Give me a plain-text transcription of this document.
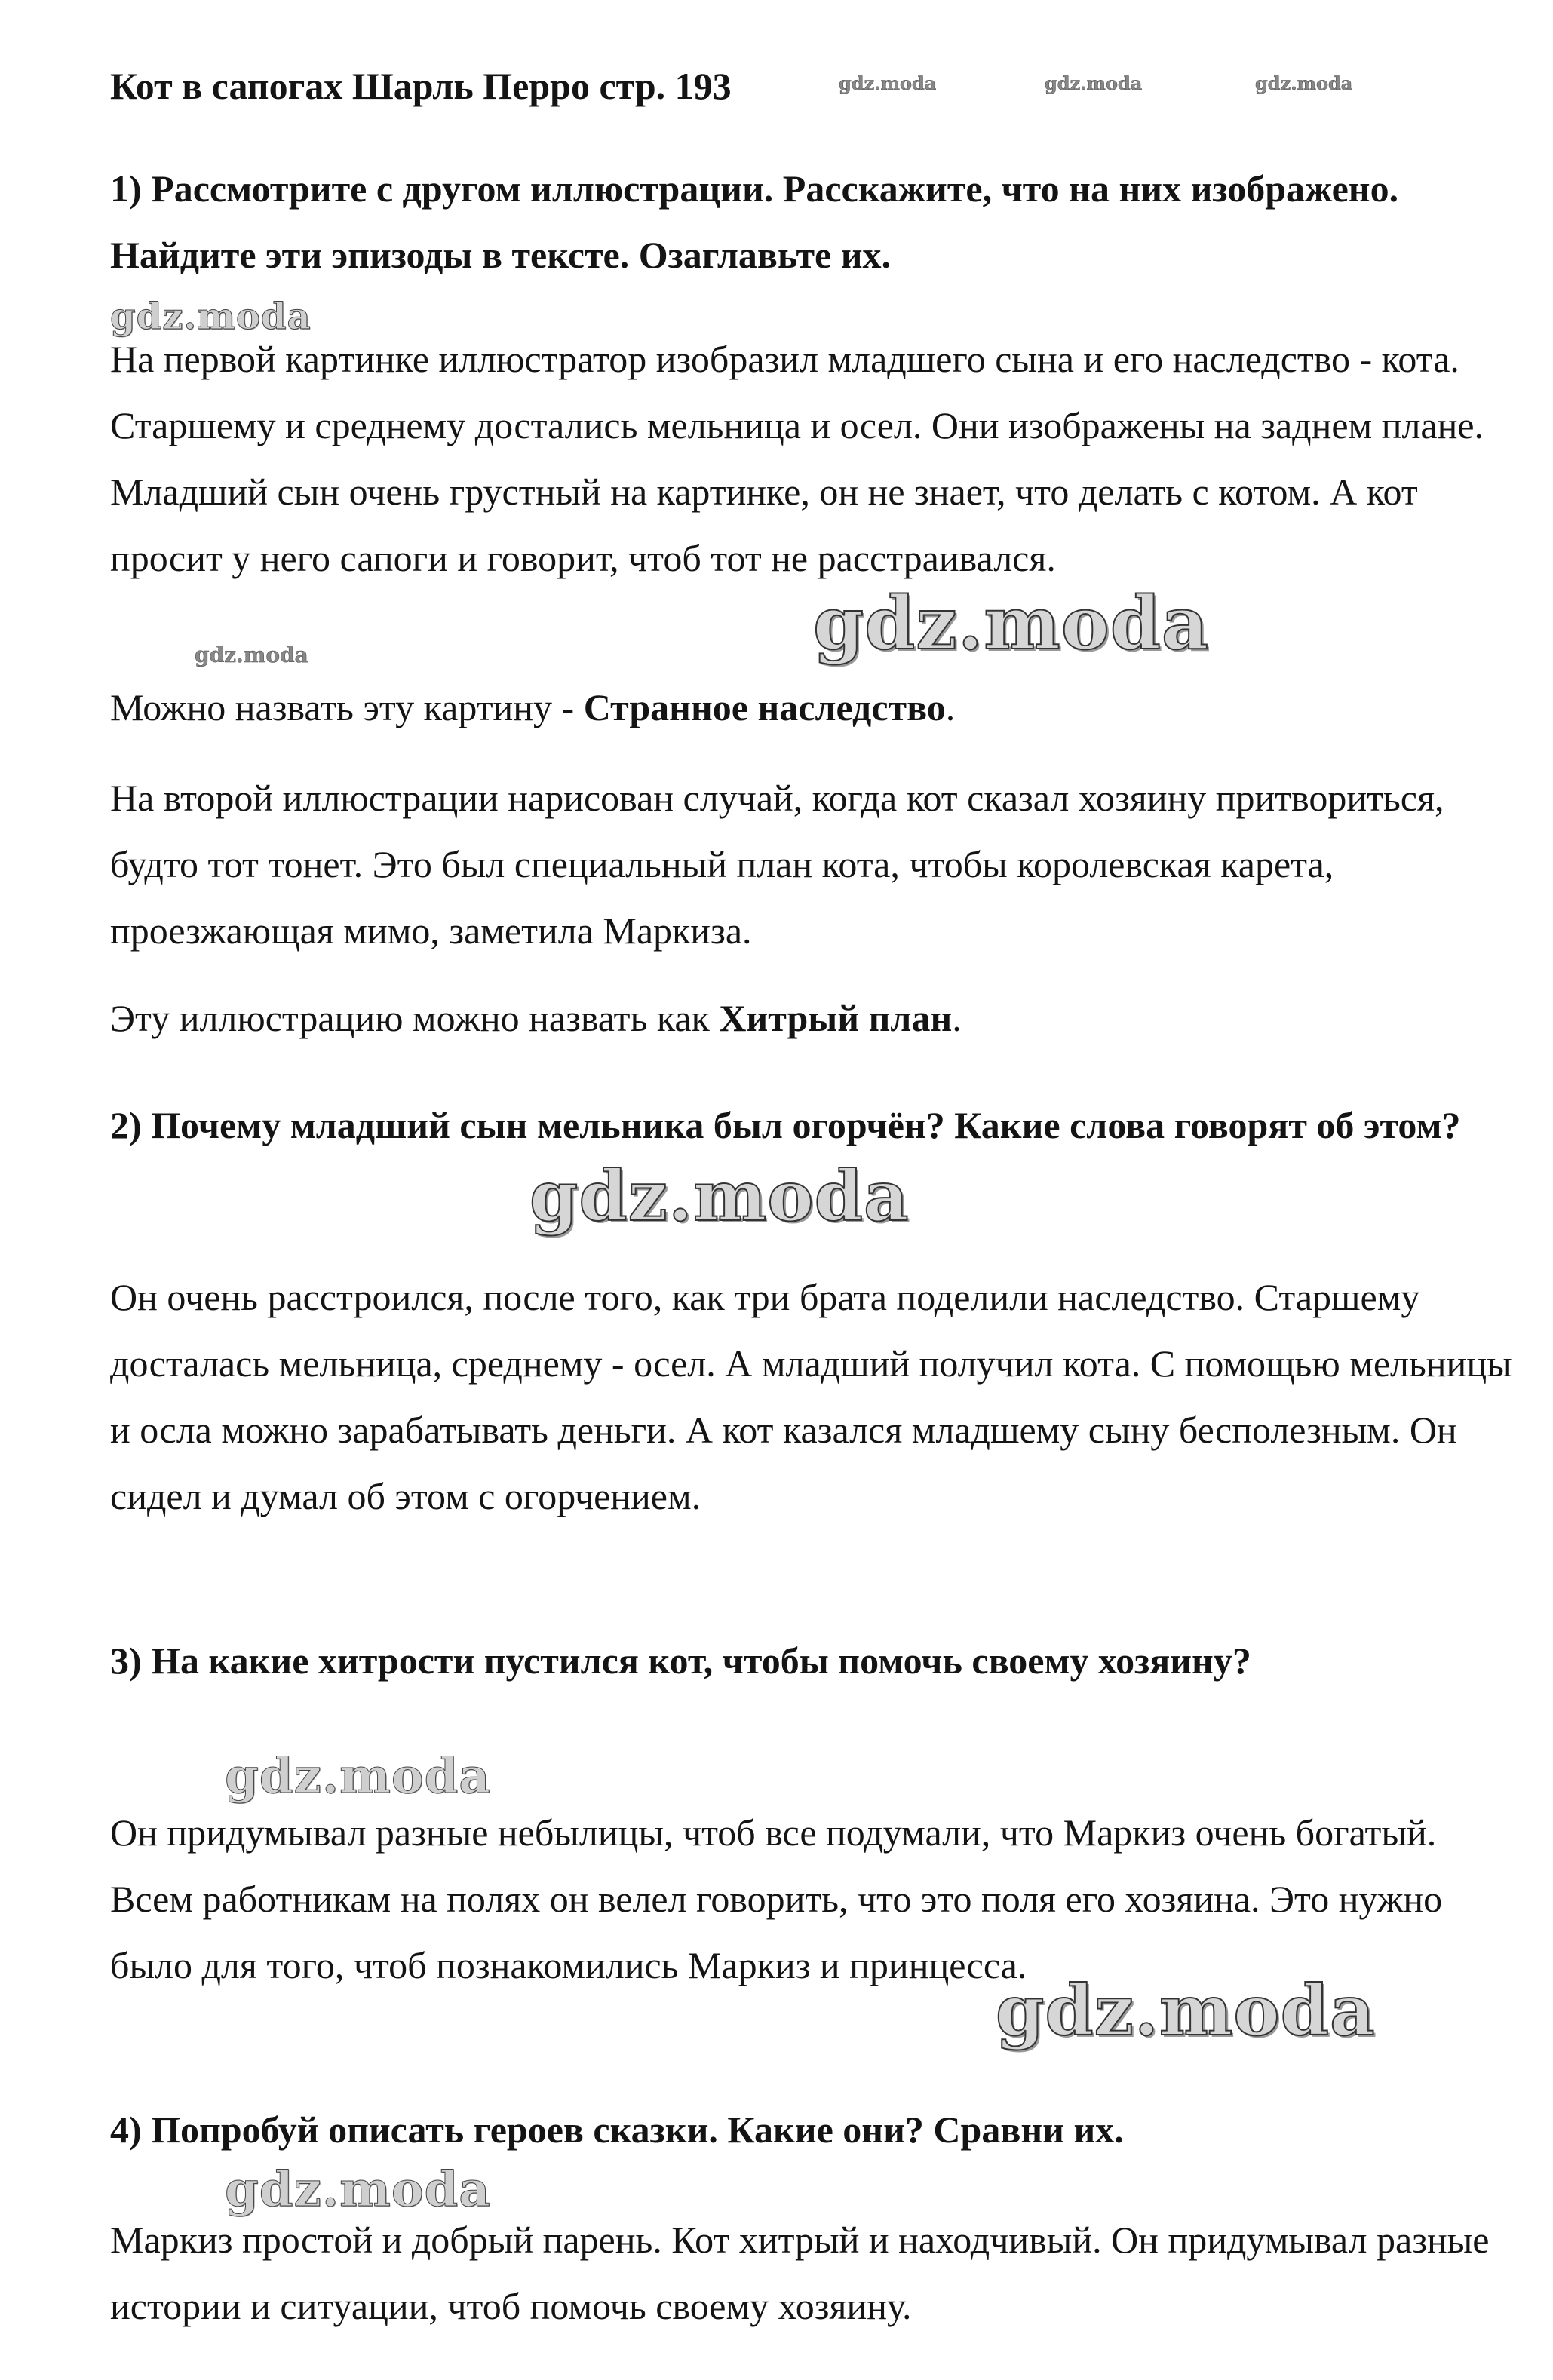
Кот в сапогах Шарль Перро стр. 193

1) Рассмотрите с другом иллюстрации. Расскажите, что на них изображено. Найдите эти эпизоды в тексте. Озаглавьте их.

На первой картинке иллюстратор изобразил младшего сына и его наследство - кота. Старшему и среднему достались мельница и осел. Они изображены на заднем плане. Младший сын очень грустный на картинке, он не знает, что делать с котом. А кот просит у него сапоги и говорит, чтоб тот не расстраивался.

Можно назвать эту картину - Странное наследство.

На второй иллюстрации нарисован случай, когда кот сказал хозяину притвориться, будто тот тонет. Это был специальный план кота, чтобы королевская карета, проезжающая мимо, заметила Маркиза.

Эту иллюстрацию можно назвать как Хитрый план.

2) Почему младший сын мельника был огорчён? Какие слова говорят об этом?

Он очень расстроился, после того, как три брата поделили наследство. Старшему досталась мельница, среднему - осел. А младший получил кота. С помощью мельницы и осла можно зарабатывать деньги. А кот казался младшему сыну бесполезным. Он сидел и думал об этом с огорчением.

3) На какие хитрости пустился кот, чтобы помочь своему хозяину?

Он придумывал разные небылицы, чтоб все подумали, что Маркиз очень богатый. Всем работникам на полях он велел говорить, что это поля его хозяина. Это нужно было для того, чтоб познакомились Маркиз и принцесса.

4) Попробуй описать героев сказки. Какие они? Сравни их.

Маркиз простой и добрый парень. Кот хитрый и находчивый. Он придумывал разные истории и ситуации, чтоб помочь своему хозяину.

gdz.moda	gdz.moda	gdz.moda
gdz.moda
gdz.moda
gdz.moda
gdz.moda
gdz.moda
gdz.moda
gdz.moda
